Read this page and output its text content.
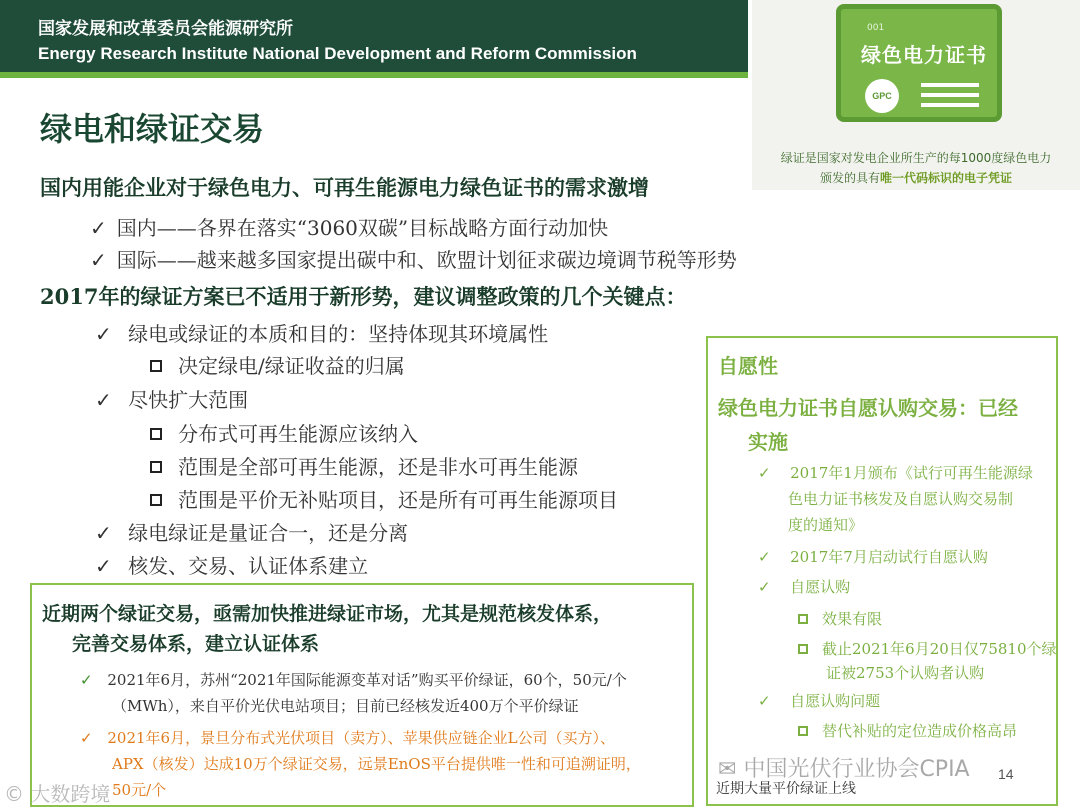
国家发展和改革委员会能源研究所
Energy Research Institute National Development and Reform Commission
001
绿色电力证书
GPC
绿证是国家对发电企业所生产的每1000度绿色电力
颁发的具有唯一代码标识的电子凭证
绿电和绿证交易
国内用能企业对于绿色电力、可再生能源电力绿色证书的需求激增
✓ 国内——各界在落实“3060双碳”目标战略方面行动加快
✓ 国际——越来越多国家提出碳中和、欧盟计划征求碳边境调节税等形势
2017年的绿证方案已不适用于新形势，建议调整政策的几个关键点：
✓ 绿电或绿证的本质和目的：坚持体现其环境属性
决定绿电/绿证收益的归属
✓ 尽快扩大范围
分布式可再生能源应该纳入
范围是全部可再生能源，还是非水可再生能源
范围是平价无补贴项目，还是所有可再生能源项目
✓ 绿电绿证是量证合一，还是分离
✓ 核发、交易、认证体系建立
自愿性
绿色电力证书自愿认购交易：已经
实施
✓ 2017年1月颁布《试行可再生能源绿
色电力证书核发及自愿认购交易制
度的通知》
✓ 2017年7月启动试行自愿认购
✓ 自愿认购
效果有限
截止2021年6月20日仅75810个绿
证被2753个认购者认购
✓ 自愿认购问题
替代补贴的定位造成价格高昂
近期大量平价绿证上线
近期两个绿证交易，亟需加快推进绿证市场，尤其是规范核发体系，
完善交易体系，建立认证体系
✓ 2021年6月，苏州“2021年国际能源变革对话”购买平价绿证，60个，50元/个
（MWh），来自平价光伏电站项目；目前已经核发近400万个平价绿证
✓ 2021年6月，景旦分布式光伏项目（卖方）、苹果供应链企业L公司（买方）、
APX（核发）达成10万个绿证交易，远景EnOS平台提供唯一性和可追溯证明，
50元/个
✉ 中国光伏行业协会CPIA
© 大数跨境
14
